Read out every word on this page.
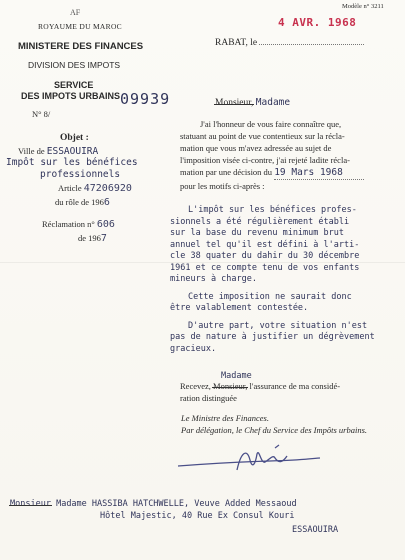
AF
ROYAUME DU MAROC
MINISTERE DES FINANCES
DIVISION DES IMPOTS
SERVICE
DES IMPOTS URBAINS
N° 8/
09939
Modèle n° 3211
4 AVR. 1968
RABAT, le
Objet :
Ville de ESSAOUIRA
Impôt sur les bénéfices
professionnels
Article 47206920
du rôle de 1966
Réclamation n° 606
de 1967
Monsieur, Madame
J'ai l'honneur de vous faire connaître que,
statuant au point de vue contentieux sur la récla-
mation que vous m'avez adressée au sujet de
l'imposition visée ci-contre, j'ai rejeté ladite récla-
mation par une décision du 19 Mars 1968
pour les motifs ci-après :
L'impôt sur les bénéfices profes-
sionnels a été régulièrement établi
sur la base du revenu minimum brut
annuel tel qu'il est défini à l'arti-
cle 38 quater du dahir du 30 décembre
1961 et ce compte tenu de vos enfants
mineurs à charge.
Cette imposition ne saurait donc
être valablement contestée.
D'autre part, votre situation n'est
pas de nature à justifier un dégrèvement
gracieux.
Madame
Recevez, Monsieur, l'assurance de ma considé-
ration distinguée
Le Ministre des Finances.
Par délégation, le Chef du Service des Impôts urbains.
Monsieur Madame HASSIBA HATCHWELLE, Veuve Added Messaoud
Hôtel Majestic, 40 Rue Ex Consul Kouri
ESSAOUIRA
